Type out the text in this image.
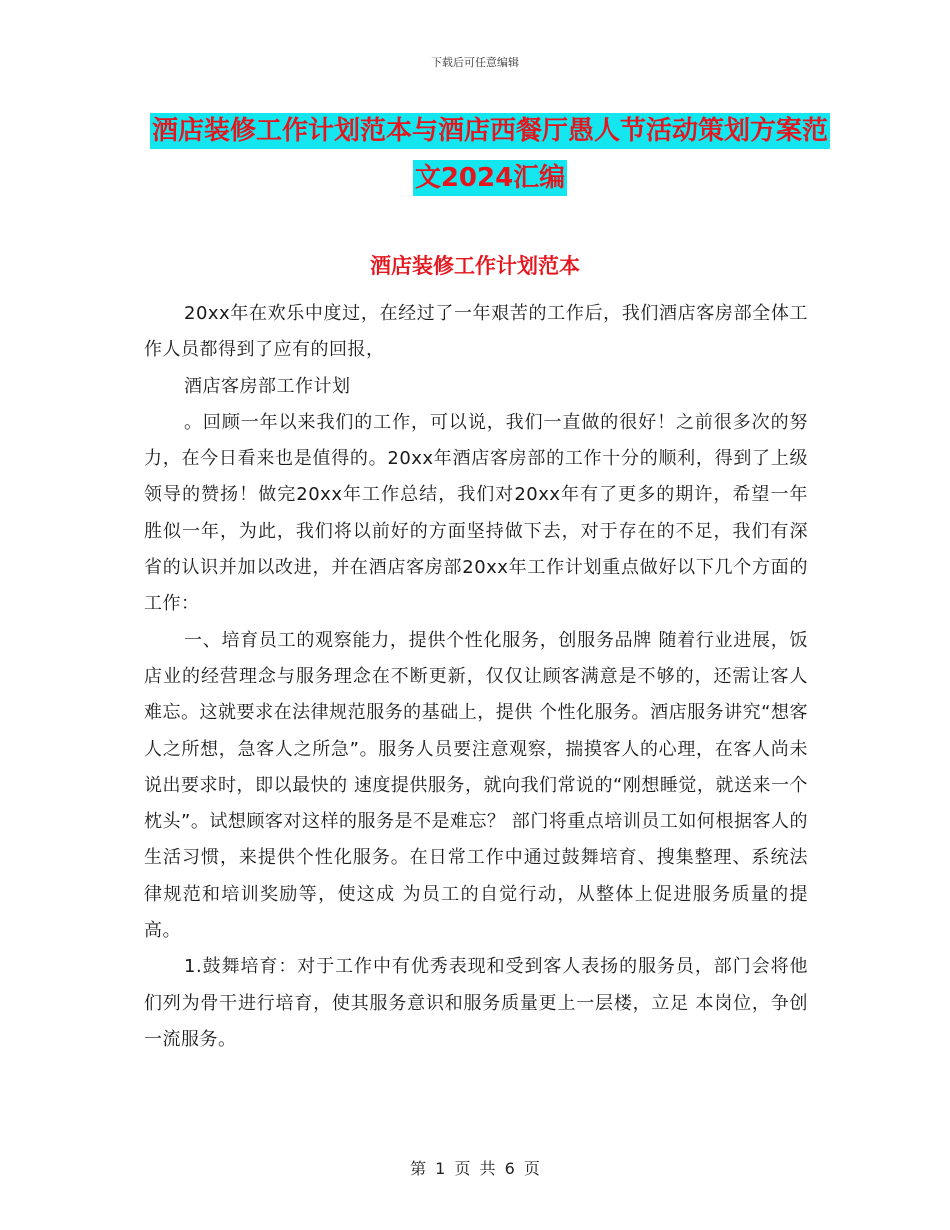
下载后可任意编辑
酒店装修工作计划范本与酒店西餐厅愚人节活动策划方案范文2024汇编
酒店装修工作计划范本

20xx年在欢乐中度过，在经过了一年艰苦的工作后，我们酒店客房部全体工作人员都得到了应有的回报，

酒店客房部工作计划

。回顾一年以来我们的工作，可以说，我们一直做的很好！之前很多次的努力，在今日看来也是值得的。20xx年酒店客房部的工作十分的顺利，得到了上级领导的赞扬！做完20xx年工作总结，我们对20xx年有了更多的期许，希望一年胜似一年，为此，我们将以前好的方面坚持做下去，对于存在的不足，我们有深省的认识并加以改进，并在酒店客房部20xx年工作计划重点做好以下几个方面的工作：

一、培育员工的观察能力，提供个性化服务，创服务品牌 随着行业进展，饭店业的经营理念与服务理念在不断更新，仅仅让顾客满意是不够的，还需让客人难忘。这就要求在法律规范服务的基础上，提供 个性化服务。酒店服务讲究“想客人之所想，急客人之所急”。服务人员要注意观察，揣摸客人的心理，在客人尚未说出要求时，即以最快的 速度提供服务，就向我们常说的“刚想睡觉，就送来一个枕头”。试想顾客对这样的服务是不是难忘？ 部门将重点培训员工如何根据客人的生活习惯，来提供个性化服务。在日常工作中通过鼓舞培育、搜集整理、系统法律规范和培训奖励等，使这成 为员工的自觉行动，从整体上促进服务质量的提高。

1.鼓舞培育：对于工作中有优秀表现和受到客人表扬的服务员，部门会将他们列为骨干进行培育，使其服务意识和服务质量更上一层楼，立足 本岗位，争创一流服务。

第 1 页 共 6 页
